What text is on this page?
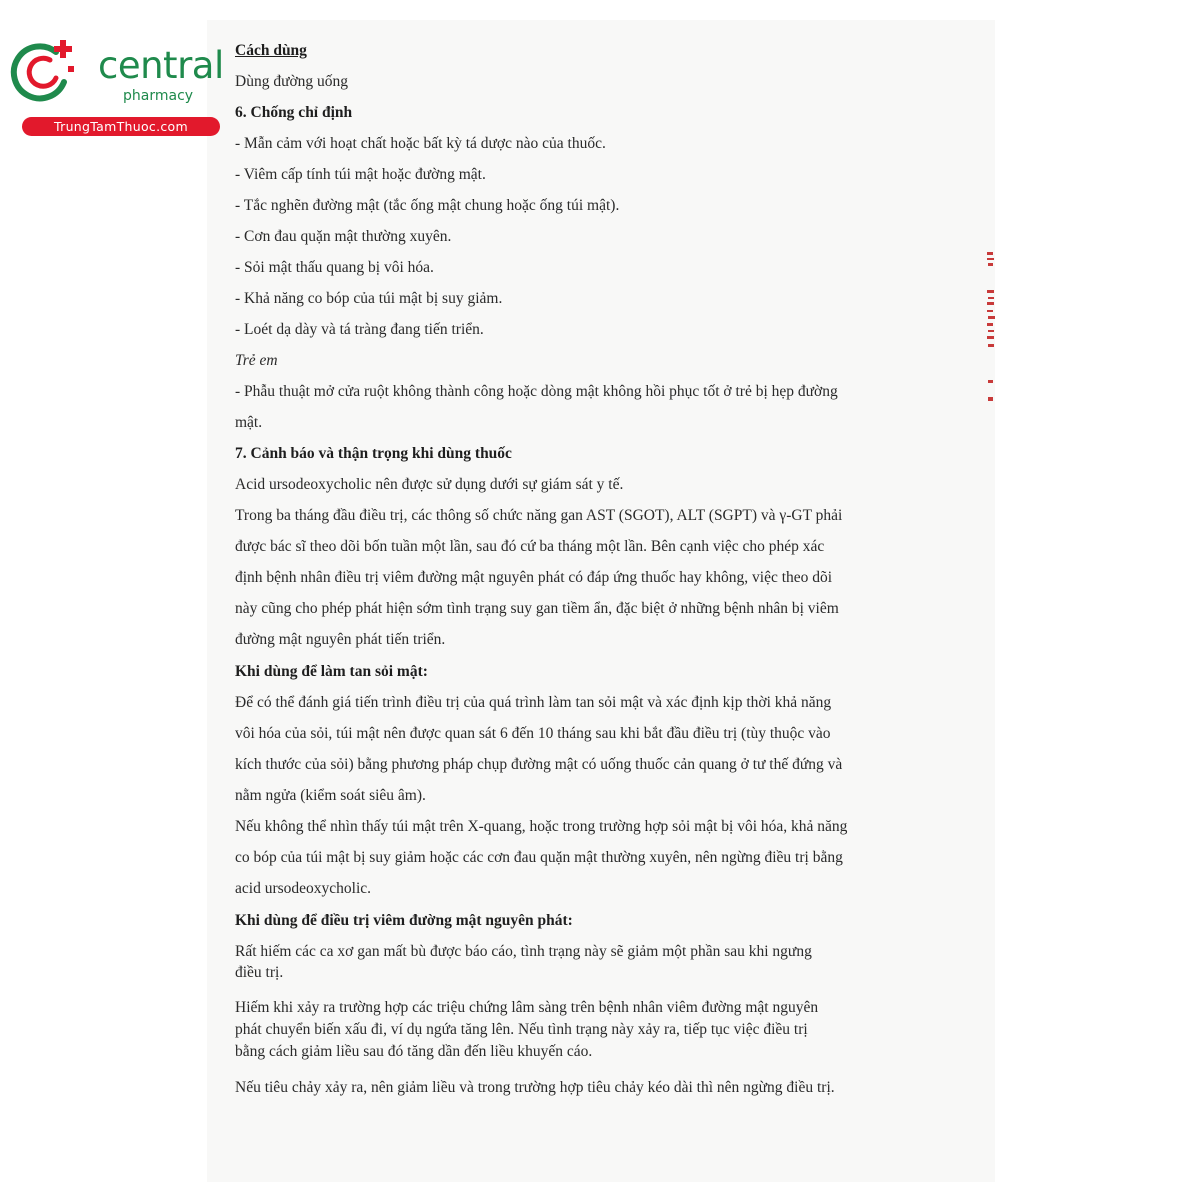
central
pharmacy
TrungTamThuoc.com
Cách dùng
Dùng đường uống
6. Chống chỉ định
- Mẫn cảm với hoạt chất hoặc bất kỳ tá dược nào của thuốc.
- Viêm cấp tính túi mật hoặc đường mật.
- Tắc nghẽn đường mật (tắc ống mật chung hoặc ống túi mật).
- Cơn đau quặn mật thường xuyên.
- Sỏi mật thấu quang bị vôi hóa.
- Khả năng co bóp của túi mật bị suy giảm.
- Loét dạ dày và tá tràng đang tiến triển.
Trẻ em
- Phẫu thuật mở cửa ruột không thành công hoặc dòng mật không hồi phục tốt ở trẻ bị hẹp đường
mật.
7. Cảnh báo và thận trọng khi dùng thuốc
Acid ursodeoxycholic nên được sử dụng dưới sự giám sát y tế.
Trong ba tháng đầu điều trị, các thông số chức năng gan AST (SGOT), ALT (SGPT) và γ-GT phải
được bác sĩ theo dõi bốn tuần một lần, sau đó cứ ba tháng một lần. Bên cạnh việc cho phép xác
định bệnh nhân điều trị viêm đường mật nguyên phát có đáp ứng thuốc hay không, việc theo dõi
này cũng cho phép phát hiện sớm tình trạng suy gan tiềm ẩn, đặc biệt ở những bệnh nhân bị viêm
đường mật nguyên phát tiến triển.
Khi dùng để làm tan sỏi mật:
Để có thể đánh giá tiến trình điều trị của quá trình làm tan sỏi mật và xác định kịp thời khả năng
vôi hóa của sỏi, túi mật nên được quan sát 6 đến 10 tháng sau khi bắt đầu điều trị (tùy thuộc vào
kích thước của sỏi) bằng phương pháp chụp đường mật có uống thuốc cản quang ở tư thế đứng và
nằm ngửa (kiểm soát siêu âm).
Nếu không thể nhìn thấy túi mật trên X-quang, hoặc trong trường hợp sỏi mật bị vôi hóa, khả năng
co bóp của túi mật bị suy giảm hoặc các cơn đau quặn mật thường xuyên, nên ngừng điều trị bằng
acid ursodeoxycholic.
Khi dùng để điều trị viêm đường mật nguyên phát:
Rất hiếm các ca xơ gan mất bù được báo cáo, tình trạng này sẽ giảm một phần sau khi ngưng
điều trị.
Hiếm khi xảy ra trường hợp các triệu chứng lâm sàng trên bệnh nhân viêm đường mật nguyên
phát chuyển biến xấu đi, ví dụ ngứa tăng lên. Nếu tình trạng này xảy ra, tiếp tục việc điều trị
bằng cách giảm liều sau đó tăng dần đến liều khuyến cáo.
Nếu tiêu chảy xảy ra, nên giảm liều và trong trường hợp tiêu chảy kéo dài thì nên ngừng điều trị.
